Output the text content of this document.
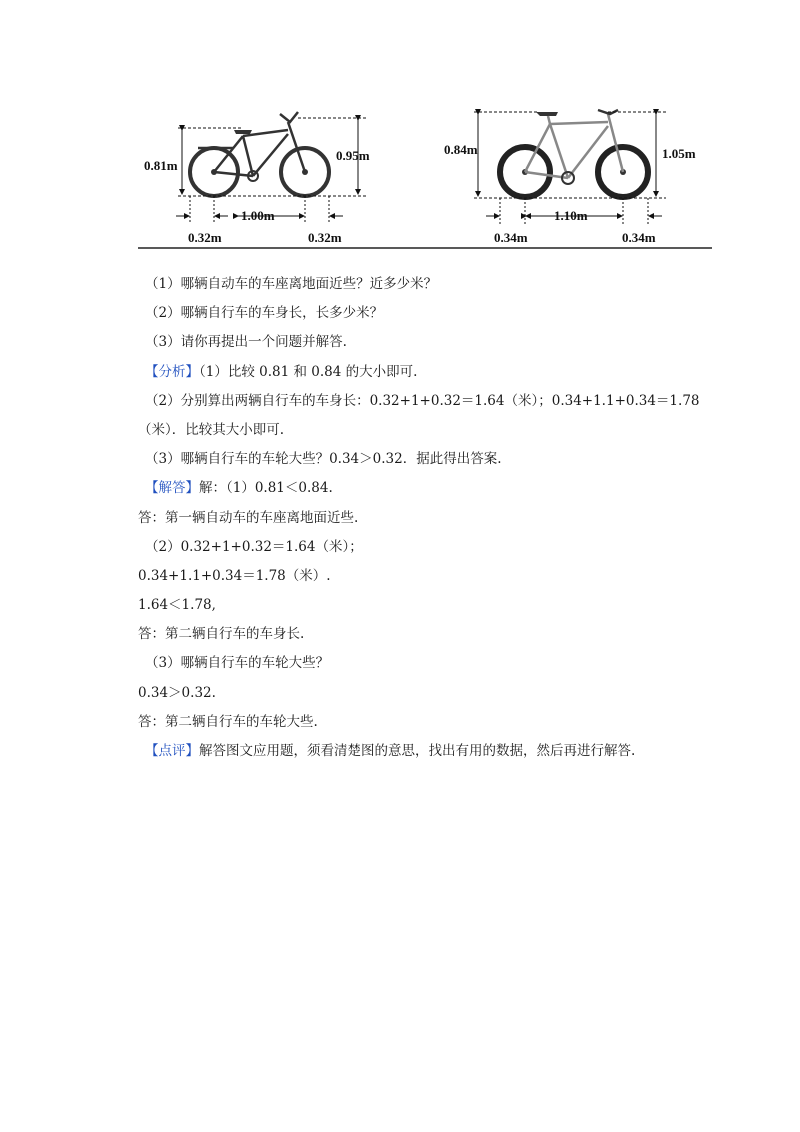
0.81m
0.95m
1.00m
0.32m	0.32m
0.84m	1.05m
1.10m
0.34m	0.34m
（1）哪辆自动车的车座离地面近些？近多少米？
（2）哪辆自行车的车身长，长多少米？
（3）请你再提出一个问题并解答.
【分析】（1）比较 0.81 和 0.84 的大小即可.
（2）分别算出两辆自行车的车身长：0.32+1+0.32＝1.64（米）；0.34+1.1+0.34＝1.78
（米）．比较其大小即可.
（3）哪辆自行车的车轮大些？0.34＞0.32．据此得出答案.
【解答】解：（1）0.81＜0.84.
答：第一辆自动车的车座离地面近些.
（2）0.32+1+0.32＝1.64（米）；
0.34+1.1+0.34＝1.78（米）.
1.64＜1.78,
答：第二辆自行车的车身长.
（3）哪辆自行车的车轮大些？
0.34＞0.32.
答：第二辆自行车的车轮大些.
【点评】解答图文应用题，须看清楚图的意思，找出有用的数据，然后再进行解答.
